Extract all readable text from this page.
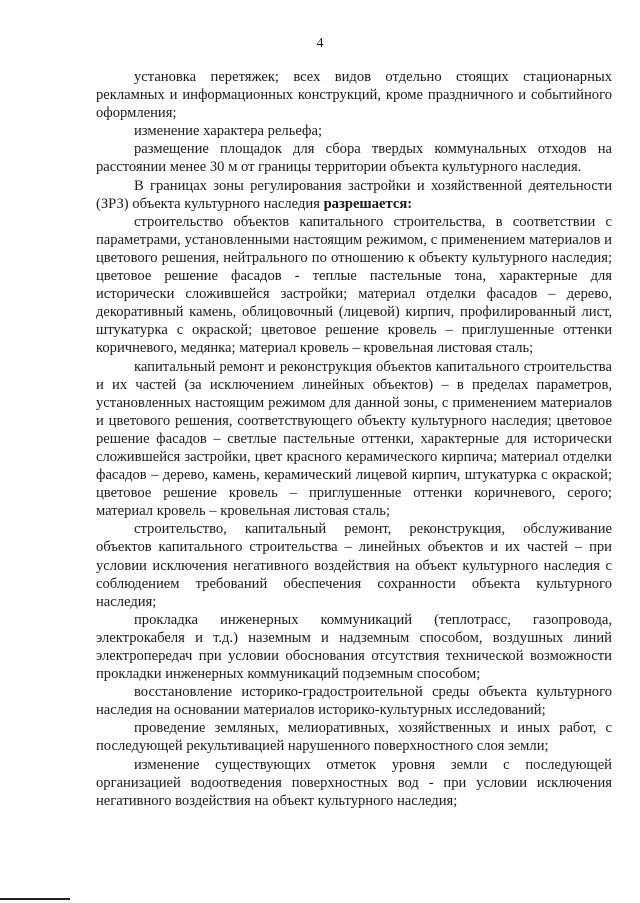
4

установка перетяжек; всех видов отдельно стоящих стационарных рекламных и информационных конструкций, кроме праздничного и событийного оформления;

изменение характера рельефа;

размещение площадок для сбора твердых коммунальных отходов на расстоянии менее 30 м от границы территории объекта культурного наследия.

В границах зоны регулирования застройки и хозяйственной деятельности (ЗРЗ) объекта культурного наследия разрешается:

строительство объектов капитального строительства, в соответствии с параметрами, установленными настоящим режимом, с применением материалов и цветового решения, нейтрального по отношению к объекту культурного наследия; цветовое решение фасадов - теплые пастельные тона, характерные для исторически сложившейся застройки; материал отделки фасадов – дерево, декоративный камень, облицовочный (лицевой) кирпич, профилированный лист, штукатурка с окраской; цветовое решение кровель – приглушенные оттенки коричневого, медянка; материал кровель – кровельная листовая сталь;

капитальный ремонт и реконструкция объектов капитального строительства и их частей (за исключением линейных объектов) – в пределах параметров, установленных настоящим режимом для данной зоны, с применением материалов и цветового решения, соответствующего объекту культурного наследия; цветовое решение фасадов – светлые пастельные оттенки, характерные для исторически сложившейся застройки, цвет красного керамического кирпича; материал отделки фасадов – дерево, камень, керамический лицевой кирпич, штукатурка с окраской; цветовое решение кровель – приглушенные оттенки коричневого, серого; материал кровель – кровельная листовая сталь;

строительство, капитальный ремонт, реконструкция, обслуживание объектов капитального строительства – линейных объектов и их частей – при условии исключения негативного воздействия на объект культурного наследия с соблюдением требований обеспечения сохранности объекта культурного наследия;

прокладка инженерных коммуникаций (теплотрасс, газопровода, электрокабеля и т.д.) наземным и надземным способом, воздушных линий электропередач при условии обоснования отсутствия технической возможности прокладки инженерных коммуникаций подземным способом;

восстановление историко-градостроительной среды объекта культурного наследия на основании материалов историко-культурных исследований;

проведение земляных, мелиоративных, хозяйственных и иных работ, с последующей рекультивацией нарушенного поверхностного слоя земли;

изменение существующих отметок уровня земли с последующей организацией водоотведения поверхностных вод - при условии исключения негативного воздействия на объект культурного наследия;
